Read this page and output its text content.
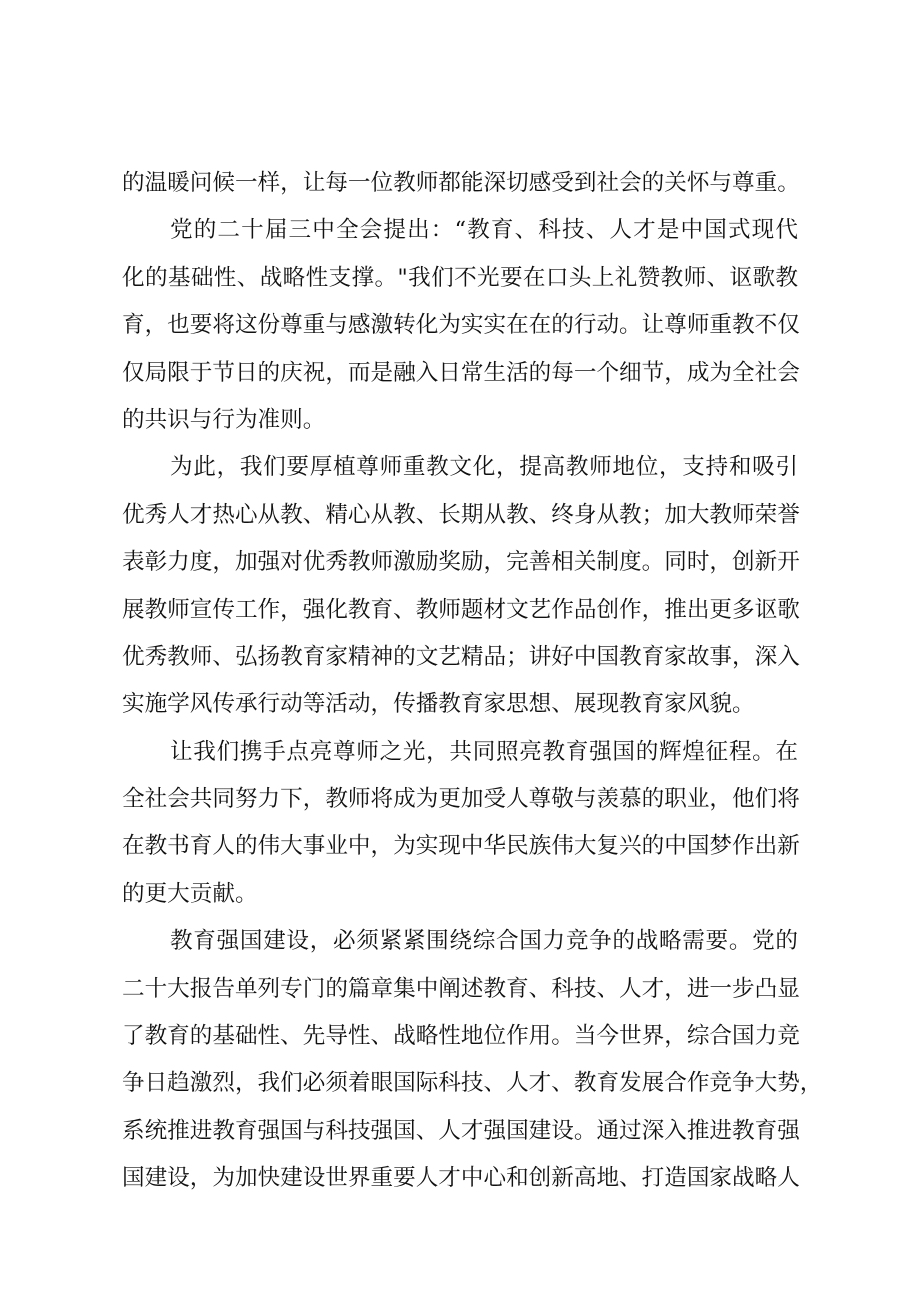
的温暖问候一样，让每一位教师都能深切感受到社会的关怀与尊重。
党的二十届三中全会提出：“教育、科技、人才是中国式现代
化的基础性、战略性支撑。"我们不光要在口头上礼赞教师、讴歌教
育，也要将这份尊重与感激转化为实实在在的行动。让尊师重教不仅
仅局限于节日的庆祝，而是融入日常生活的每一个细节，成为全社会
的共识与行为准则。
为此，我们要厚植尊师重教文化，提高教师地位，支持和吸引
优秀人才热心从教、精心从教、长期从教、终身从教；加大教师荣誉
表彰力度，加强对优秀教师激励奖励，完善相关制度。同时，创新开
展教师宣传工作，强化教育、教师题材文艺作品创作，推出更多讴歌
优秀教师、弘扬教育家精神的文艺精品；讲好中国教育家故事，深入
实施学风传承行动等活动，传播教育家思想、展现教育家风貌。
让我们携手点亮尊师之光，共同照亮教育强国的辉煌征程。在
全社会共同努力下，教师将成为更加受人尊敬与羡慕的职业，他们将
在教书育人的伟大事业中，为实现中华民族伟大复兴的中国梦作出新
的更大贡献。
教育强国建设，必须紧紧围绕综合国力竞争的战略需要。党的
二十大报告单列专门的篇章集中阐述教育、科技、人才，进一步凸显
了教育的基础性、先导性、战略性地位作用。当今世界，综合国力竞
争日趋激烈，我们必须着眼国际科技、人才、教育发展合作竞争大势，
系统推进教育强国与科技强国、人才强国建设。通过深入推进教育强
国建设，为加快建设世界重要人才中心和创新高地、打造国家战略人
